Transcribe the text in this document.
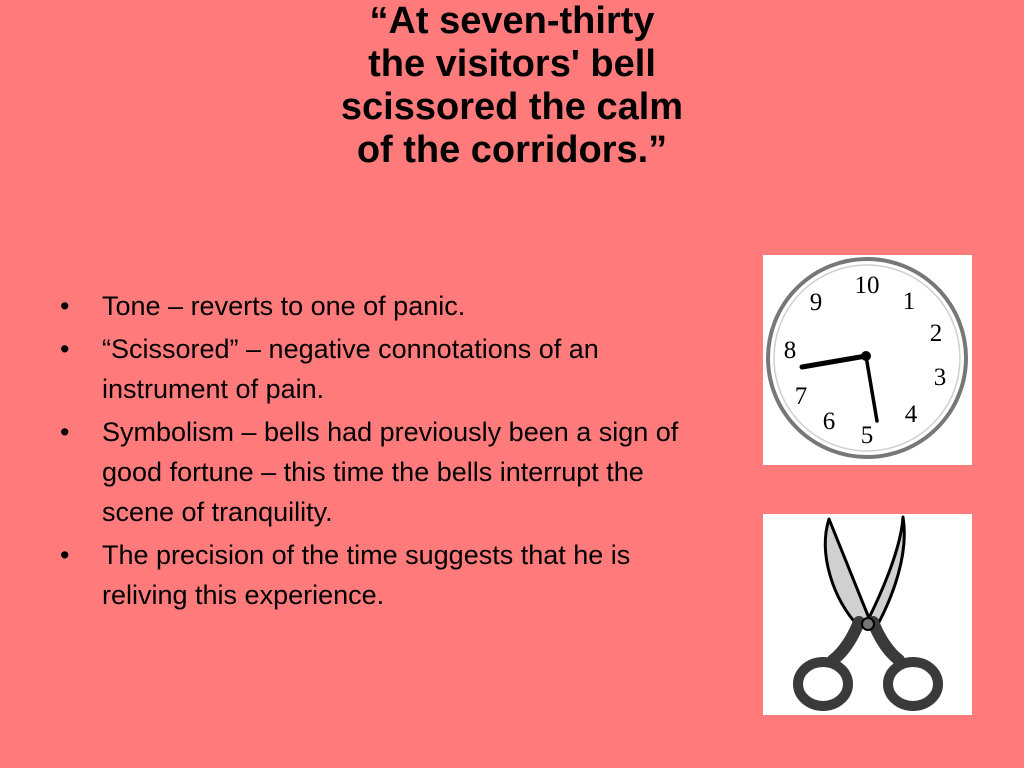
“At seven-thirty
the visitors' bell
scissored the calm
of the corridors.”
• Tone – reverts to one of panic.
• “Scissored” – negative connotations of an instrument of pain.
• Symbolism – bells had previously been a sign of good fortune – this time the bells interrupt the scene of tranquility.
• The precision of the time suggests that he is reliving this experience.
10
1
2
3
4
5
6
7
8
9
